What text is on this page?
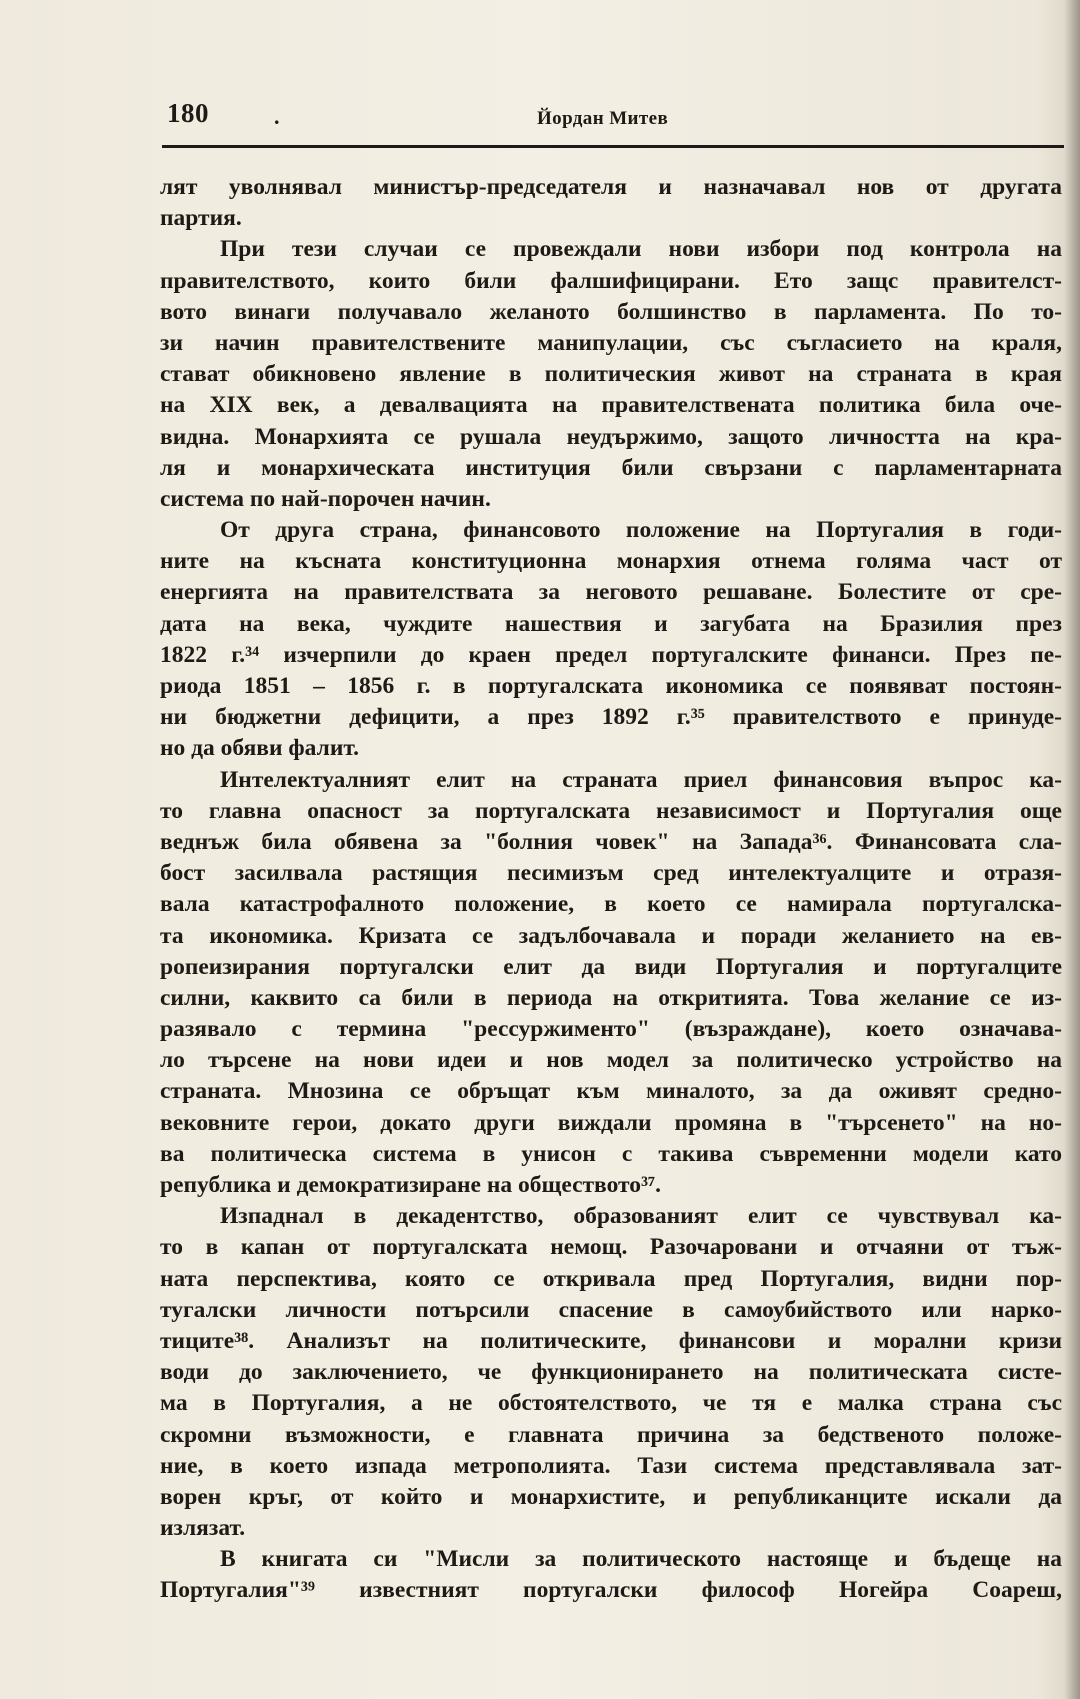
180	.	Йордан Митев
лят уволнявал министър-председателя и назначавал нов от другата
партия.
При тези случаи се провеждали нови избори под контрола на
правителството, които били фалшифицирани. Ето защс правителст-
вото винаги получавало желаното болшинство в парламента. По то-
зи начин правителствените манипулации, със съгласието на краля,
стават обикновено явление в политическия живот на страната в края
на XIX век, а девалвацията на правителствената политика била оче-
видна. Монархията се рушала неудържимо, защото личността на кра-
ля и монархическата институция били свързани с парламентарната
система по най-порочен начин.
От друга страна, финансовото положение на Португалия в годи-
ните на късната конституционна монархия отнема голяма част от
енергията на правителствата за неговото решаване. Болестите от сре-
дата на века, чуждите нашествия и загубата на Бразилия през
1822 г.³⁴ изчерпили до краен предел португалските финанси. През пе-
риода 1851 – 1856 г. в португалската икономика се появяват постоян-
ни бюджетни дефицити, а през 1892 г.³⁵ правителството е принуде-
но да обяви фалит.
Интелектуалният елит на страната приел финансовия въпрос ка-
то главна опасност за португалската независимост и Португалия още
веднъж била обявена за "болния човек" на Запада³⁶. Финансовата сла-
бост засилвала растящия песимизъм сред интелектуалците и отразя-
вала катастрофалното положение, в което се намирала португалска-
та икономика. Кризата се задълбочавала и поради желанието на ев-
ропеизирания португалски елит да види Португалия и португалците
силни, каквито са били в периода на откритията. Това желание се из-
разявало с термина "рессуржименто" (възраждане), което означава-
ло търсене на нови идеи и нов модел за политическо устройство на
страната. Мнозина се обръщат към миналото, за да оживят средно-
вековните герои, докато други виждали промяна в "търсенето" на но-
ва политическа система в унисон с такива съвременни модели като
република и демократизиране на обществото³⁷.
Изпаднал в декадентство, образованият елит се чувствувал ка-
то в капан от португалската немощ. Разочаровани и отчаяни от тъж-
ната перспектива, която се откривала пред Португалия, видни пор-
тугалски личности потърсили спасение в самоубийството или нарко-
тиците³⁸. Анализът на политическите, финансови и морални кризи
води до заключението, че функционирането на политическата систе-
ма в Португалия, а не обстоятелството, че тя е малка страна със
скромни възможности, е главната причина за бедственото положе-
ние, в което изпада метрополията. Тази система представлявала зат-
ворен кръг, от който и монархистите, и републиканците искали да
излязат.
В книгата си "Мисли за политическото настояще и бъдеще на
Португалия"³⁹ известният португалски философ Ногейра Соареш,
